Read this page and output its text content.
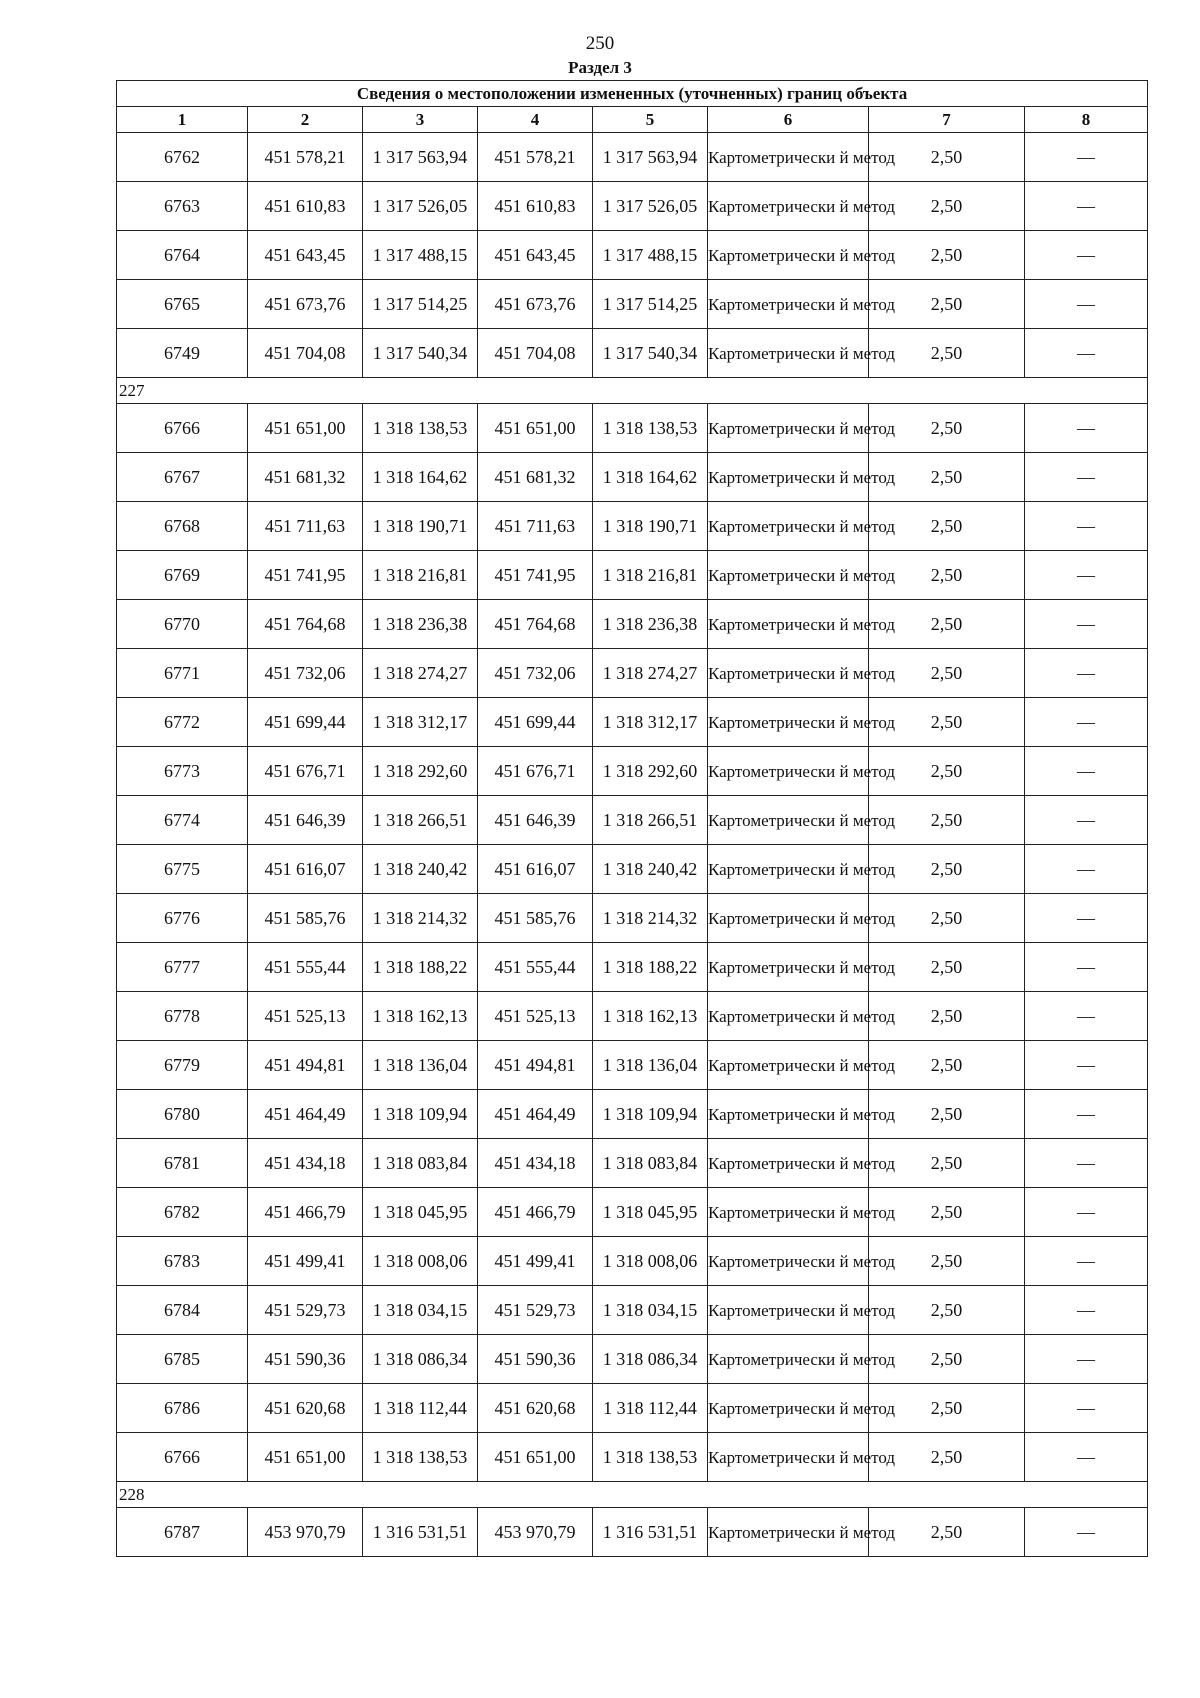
250
Раздел 3
Сведения о местоположении измененных (уточненных) границ объекта							
1	2	3	4	5	6	7	8
6762	451 578,21	1 317 563,94	451 578,21	1 317 563,94	Картометрически й метод	2,50	—
6763	451 610,83	1 317 526,05	451 610,83	1 317 526,05	Картометрически й метод	2,50	—
6764	451 643,45	1 317 488,15	451 643,45	1 317 488,15	Картометрически й метод	2,50	—
6765	451 673,76	1 317 514,25	451 673,76	1 317 514,25	Картометрически й метод	2,50	—
6749	451 704,08	1 317 540,34	451 704,08	1 317 540,34	Картометрически й метод	2,50	—
227							
6766	451 651,00	1 318 138,53	451 651,00	1 318 138,53	Картометрически й метод	2,50	—
6767	451 681,32	1 318 164,62	451 681,32	1 318 164,62	Картометрически й метод	2,50	—
6768	451 711,63	1 318 190,71	451 711,63	1 318 190,71	Картометрически й метод	2,50	—
6769	451 741,95	1 318 216,81	451 741,95	1 318 216,81	Картометрически й метод	2,50	—
6770	451 764,68	1 318 236,38	451 764,68	1 318 236,38	Картометрически й метод	2,50	—
6771	451 732,06	1 318 274,27	451 732,06	1 318 274,27	Картометрически й метод	2,50	—
6772	451 699,44	1 318 312,17	451 699,44	1 318 312,17	Картометрически й метод	2,50	—
6773	451 676,71	1 318 292,60	451 676,71	1 318 292,60	Картометрически й метод	2,50	—
6774	451 646,39	1 318 266,51	451 646,39	1 318 266,51	Картометрически й метод	2,50	—
6775	451 616,07	1 318 240,42	451 616,07	1 318 240,42	Картометрически й метод	2,50	—
6776	451 585,76	1 318 214,32	451 585,76	1 318 214,32	Картометрически й метод	2,50	—
6777	451 555,44	1 318 188,22	451 555,44	1 318 188,22	Картометрически й метод	2,50	—
6778	451 525,13	1 318 162,13	451 525,13	1 318 162,13	Картометрически й метод	2,50	—
6779	451 494,81	1 318 136,04	451 494,81	1 318 136,04	Картометрически й метод	2,50	—
6780	451 464,49	1 318 109,94	451 464,49	1 318 109,94	Картометрически й метод	2,50	—
6781	451 434,18	1 318 083,84	451 434,18	1 318 083,84	Картометрически й метод	2,50	—
6782	451 466,79	1 318 045,95	451 466,79	1 318 045,95	Картометрически й метод	2,50	—
6783	451 499,41	1 318 008,06	451 499,41	1 318 008,06	Картометрически й метод	2,50	—
6784	451 529,73	1 318 034,15	451 529,73	1 318 034,15	Картометрически й метод	2,50	—
6785	451 590,36	1 318 086,34	451 590,36	1 318 086,34	Картометрически й метод	2,50	—
6786	451 620,68	1 318 112,44	451 620,68	1 318 112,44	Картометрически й метод	2,50	—
6766	451 651,00	1 318 138,53	451 651,00	1 318 138,53	Картометрически й метод	2,50	—
228							
6787	453 970,79	1 316 531,51	453 970,79	1 316 531,51	Картометрически й метод	2,50	—
